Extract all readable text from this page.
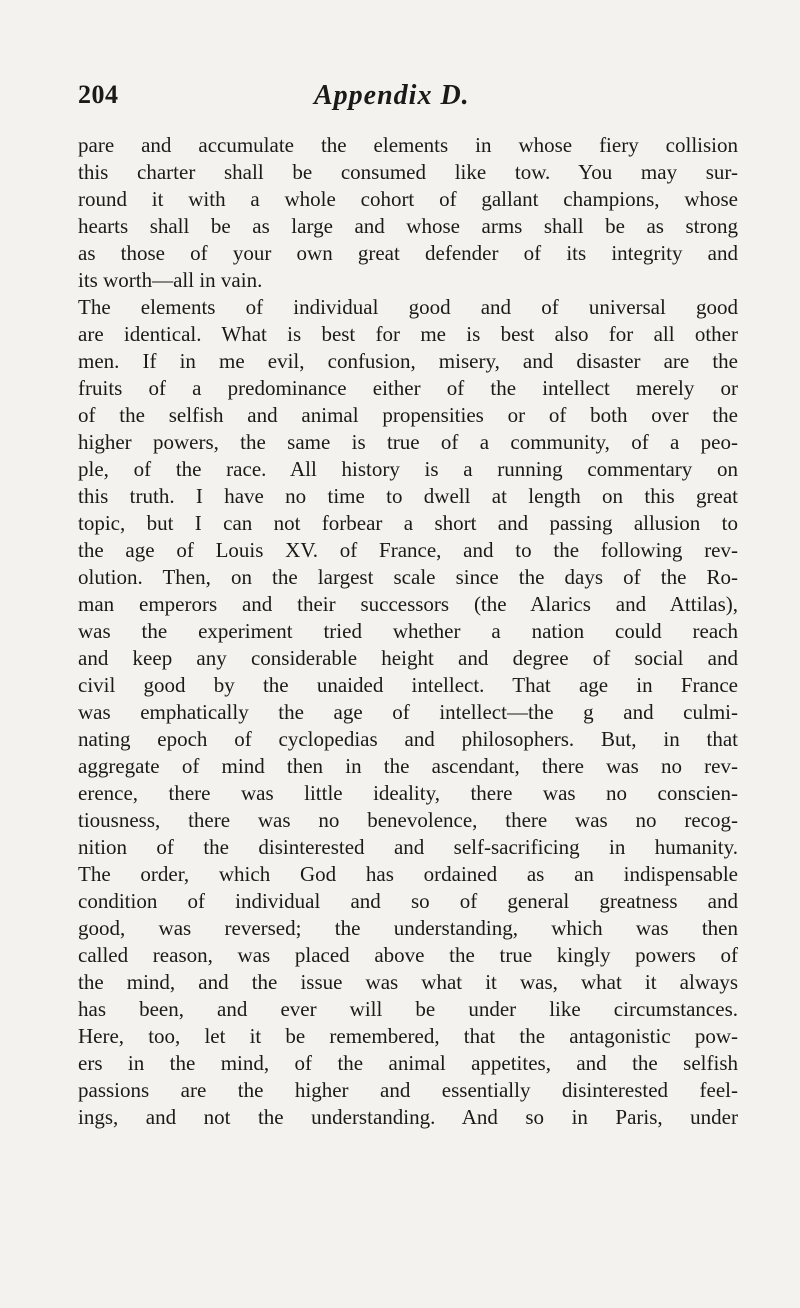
204	Appendix D.
pare and accumulate the elements in whose fiery collision
this charter shall be consumed like tow. You may sur-
round it with a whole cohort of gallant champions, whose
hearts shall be as large and whose arms shall be as strong
as those of your own great defender of its integrity and
its worth—all in vain.
The elements of individual good and of universal good
are identical. What is best for me is best also for all other
men. If in me evil, confusion, misery, and disaster are the
fruits of a predominance either of the intellect merely or
of the selfish and animal propensities or of both over the
higher powers, the same is true of a community, of a peo-
ple, of the race. All history is a running commentary on
this truth. I have no time to dwell at length on this great
topic, but I can not forbear a short and passing allusion to
the age of Louis XV. of France, and to the following rev-
olution. Then, on the largest scale since the days of the Ro-
man emperors and their successors (the Alarics and Attilas),
was the experiment tried whether a nation could reach
and keep any considerable height and degree of social and
civil good by the unaided intellect. That age in France
was emphatically the age of intellect—the g and culmi-
nating epoch of cyclopedias and philosophers. But, in that
aggregate of mind then in the ascendant, there was no rev-
erence, there was little ideality, there was no conscien-
tiousness, there was no benevolence, there was no recog-
nition of the disinterested and self-sacrificing in humanity.
The order, which God has ordained as an indispensable
condition of individual and so of general greatness and
good, was reversed; the understanding, which was then
called reason, was placed above the true kingly powers of
the mind, and the issue was what it was, what it always
has been, and ever will be under like circumstances.
Here, too, let it be remembered, that the antagonistic pow-
ers in the mind, of the animal appetites, and the selfish
passions are the higher and essentially disinterested feel-
ings, and not the understanding. And so in Paris, under
